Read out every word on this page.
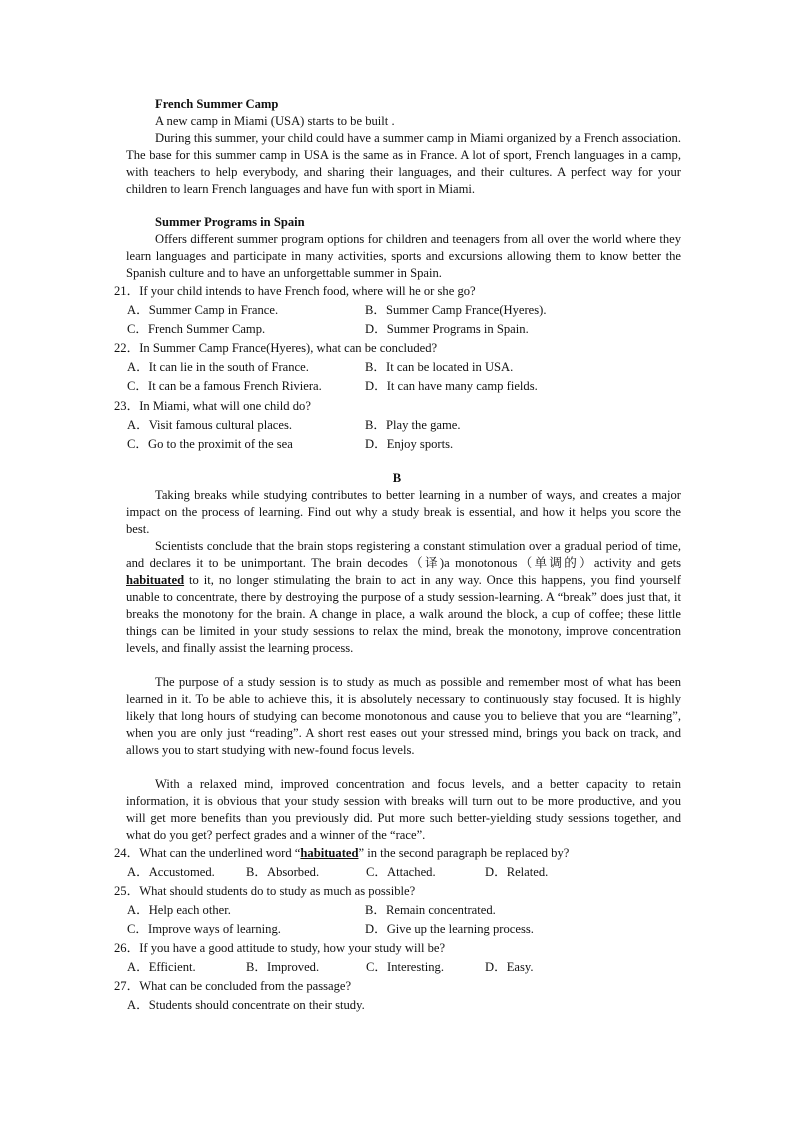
French Summer Camp
A new camp in Miami (USA) starts to be built .

During this summer, your child could have a summer camp in Miami organized by a French association. The base for this summer camp in USA is the same as in France. A lot of sport, French languages in a camp, with teachers to help everybody, and sharing their languages, and their cultures. A perfect way for your children to learn French languages and have fun with sport in Miami.

Summer Programs in Spain

Offers different summer program options for children and teenagers from all over the world where they learn languages and participate in many activities, sports and excursions allowing them to know better the Spanish culture and to have an unforgettable summer in Spain.

21．If your child intends to have French food, where will he or she go?
A．Summer Camp in France.	B．Summer Camp France(Hyeres).
C．French Summer Camp.	D．Summer Programs in Spain.
22．In Summer Camp France(Hyeres), what can be concluded?
A．It can lie in the south of France.	B．It can be located in USA.
C．It can be a famous French Riviera.	D．It can have many camp fields.
23．In Miami, what will one child do?
A．Visit famous cultural places.	B．Play the game.
C．Go to the proximit of the sea	D．Enjoy sports.
B

Taking breaks while studying contributes to better learning in a number of ways, and creates a major impact on the process of learning. Find out why a study break is essential, and how it helps you score the best.

Scientists conclude that the brain stops registering a constant stimulation over a gradual period of time, and declares it to be unimportant. The brain decodes（译)a monotonous（单调的）activity and gets habituated to it, no longer stimulating the brain to act in any way. Once this happens, you find yourself unable to concentrate, there by destroying the purpose of a study session-learning. A “break” does just that, it breaks the monotony for the brain. A change in place, a walk around the block, a cup of coffee; these little things can be limited in your study sessions to relax the mind, break the monotony, improve concentration levels, and finally assist the learning process.

The purpose of a study session is to study as much as possible and remember most of what has been learned in it. To be able to achieve this, it is absolutely necessary to continuously stay focused. It is highly likely that long hours of studying can become monotonous and cause you to believe that you are “learning”, when you are only just “reading”. A short rest eases out your stressed mind, brings you back on track, and allows you to start studying with new-found focus levels.

With a relaxed mind, improved concentration and focus levels, and a better capacity to retain information, it is obvious that your study session with breaks will turn out to be more productive, and you will get more benefits than you previously did. Put more such better-yielding study sessions together, and what do you get? perfect grades and a winner of the “race”.

24．What can the underlined word “habituated” in the second paragraph be replaced by?
A．Accustomed. B．Absorbed.	C．Attached.	D．Related.
25．What should students do to study as much as possible?
A．Help each other.	B．Remain concentrated.
C．Improve ways of learning.	D．Give up the learning process.
26．If you have a good attitude to study, how your study will be?
A．Efficient.	B．Improved.	C．Interesting.	D．Easy.
27．What can be concluded from the passage?
A．Students should concentrate on their study.
